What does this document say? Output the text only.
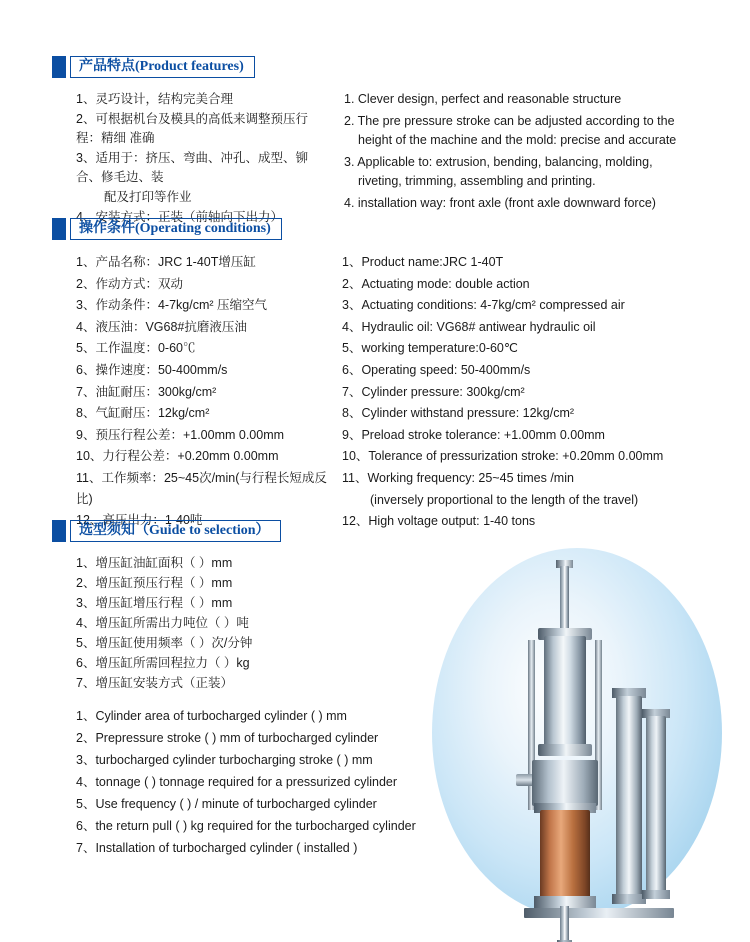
产品特点(Product features)
1、灵巧设计，结构完美合理
2、可根据机台及模具的高低来调整预压行程：精细 准确
3、适用于：挤压、弯曲、冲孔、成型、铆合、修毛边、装
配及打印等作业
4、安装方式：正装（前轴向下出力）
1. Clever design, perfect and reasonable structure
2. The pre pressure stroke can be adjusted according to the height of the machine and the mold: precise and accurate
3. Applicable to: extrusion, bending, balancing, molding, riveting, trimming, assembling and printing.
4. installation way: front axle (front axle downward force)
操作条件(Operating conditions)
1、产品名称：JRC 1-40T增压缸
2、作动方式：双动
3、作动条件：4-7kg/cm² 压缩空气
4、液压油：VG68#抗磨液压油
5、工作温度：0-60℃
6、操作速度：50-400mm/s
7、油缸耐压：300kg/cm²
8、气缸耐压：12kg/cm²
9、预压行程公差：+1.00mm 0.00mm
10、力行程公差：+0.20mm 0.00mm
11、工作频率：25~45次/min(与行程长短成反比)
12、高压出力：1-40吨
1、Product name:JRC 1-40T
2、Actuating mode: double action
3、Actuating conditions: 4-7kg/cm² compressed air
4、Hydraulic oil: VG68# antiwear hydraulic oil
5、working temperature:0-60℃
6、Operating speed: 50-400mm/s
7、Cylinder pressure: 300kg/cm²
8、Cylinder withstand pressure: 12kg/cm²
9、Preload stroke tolerance: +1.00mm 0.00mm
10、Tolerance of pressurization stroke: +0.20mm 0.00mm
11、Working frequency: 25~45 times /min
(inversely proportional to the length of the travel)
12、High voltage output: 1-40 tons
选型须知（Guide to selection）
1、增压缸油缸面积（ ）mm
2、增压缸预压行程（ ）mm
3、增压缸增压行程（ ）mm
4、增压缸所需出力吨位（ ）吨
5、增压缸使用频率（ ）次/分钟
6、增压缸所需回程拉力（ ）kg
7、增压缸安装方式（正装）
1、Cylinder area of turbocharged cylinder ( ) mm
2、Prepressure stroke ( ) mm of turbocharged cylinder
3、turbocharged cylinder turbocharging stroke ( ) mm
4、tonnage ( ) tonnage required for a pressurized cylinder
5、Use frequency ( ) / minute of turbocharged cylinder
6、the return pull ( ) kg required for the turbocharged cylinder
7、Installation of turbocharged cylinder ( installed )
